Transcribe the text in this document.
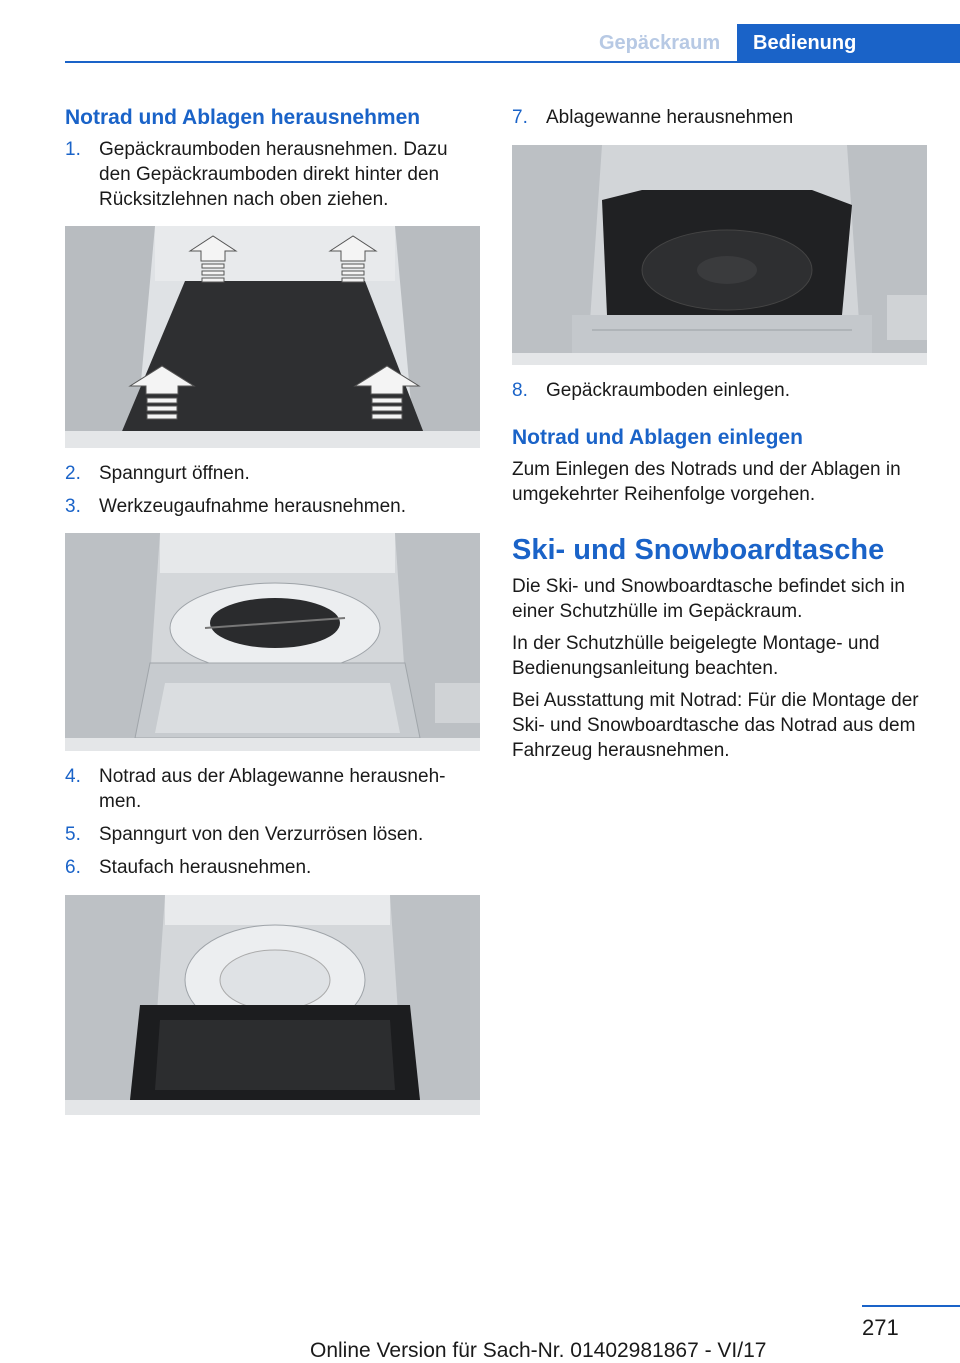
Gepäckraum	Bedienung
Notrad und Ablagen herausnehmen
1. Gepäckraumboden herausnehmen. Dazu den Gepäckraumboden direkt hinter den Rücksitzlehnen nach oben ziehen.
2. Spanngurt öffnen.
3. Werkzeugaufnahme herausnehmen.
4. Notrad aus der Ablagewanne herausnehmen.
5. Spanngurt von den Verzurrösen lösen.
6. Staufach herausnehmen.
7. Ablagewanne herausnehmen
8. Gepäckraumboden einlegen.
Notrad und Ablagen einlegen

Zum Einlegen des Notrads und der Ablagen in umgekehrter Reihenfolge vorgehen.

Ski- und Snowboardtasche

Die Ski- und Snowboardtasche befindet sich in einer Schutzhülle im Gepäckraum.

In der Schutzhülle beigelegte Montage- und Bedienungsanleitung beachten.

Bei Ausstattung mit Notrad: Für die Montage der Ski- und Snowboardtasche das Notrad aus dem Fahrzeug herausnehmen.

271
Online Version für Sach-Nr. 01402981867 - VI/17
